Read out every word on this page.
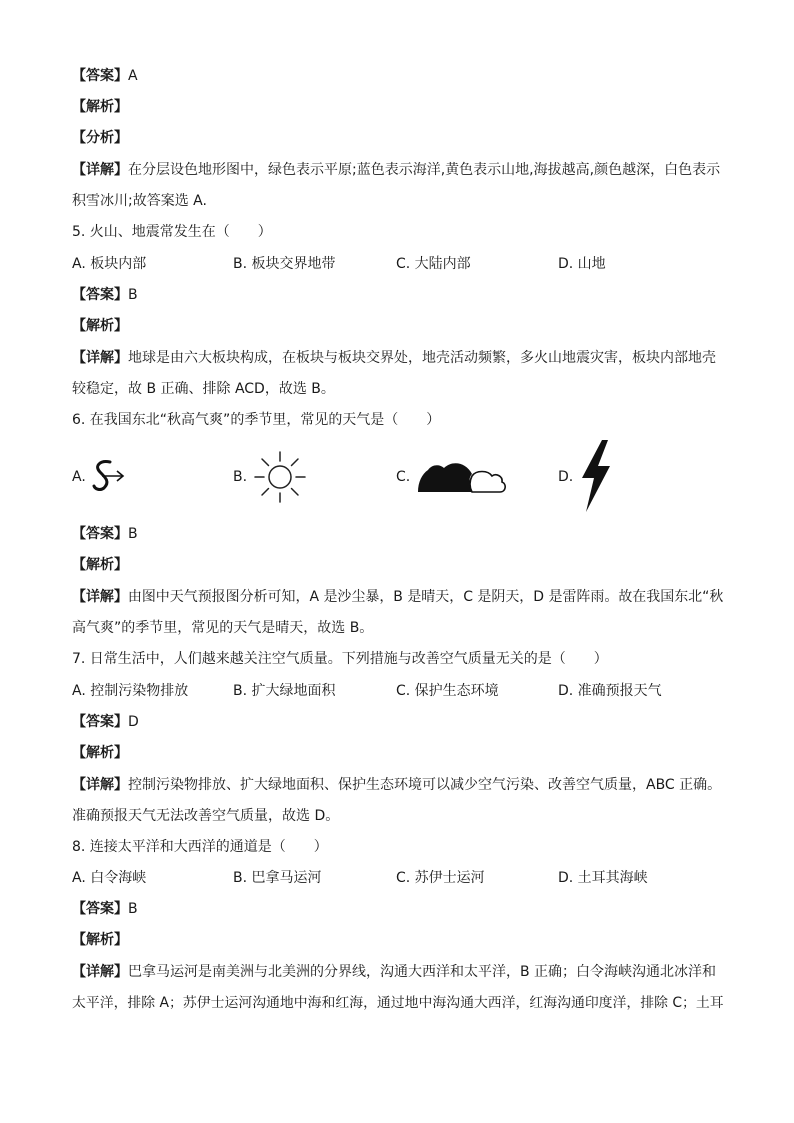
【答案】A
【解析】
【分析】
【详解】在分层设色地形图中，绿色表示平原;蓝色表示海洋,黄色表示山地,海拔越高,颜色越深，白色表示
积雪冰川;故答案选 A.
5. 火山、地震常发生在（　　）
A. 板块内部	B. 板块交界地带	C. 大陆内部	D. 山地
【答案】B
【解析】
【详解】地球是由六大板块构成，在板块与板块交界处，地壳活动频繁，多火山地震灾害，板块内部地壳
较稳定，故 B 正确、排除 ACD，故选 B。
6. 在我国东北“秋高气爽”的季节里，常见的天气是（　　）
A.	B.	C.	D.
【答案】B
【解析】
【详解】由图中天气预报图分析可知，A 是沙尘暴，B 是晴天，C 是阴天，D 是雷阵雨。故在我国东北“秋
高气爽”的季节里，常见的天气是晴天，故选 B。
7. 日常生活中，人们越来越关注空气质量。下列措施与改善空气质量无关的是（　　）
A. 控制污染物排放	B. 扩大绿地面积	C. 保护生态环境	D. 准确预报天气
【答案】D
【解析】
【详解】控制污染物排放、扩大绿地面积、保护生态环境可以减少空气污染、改善空气质量，ABC 正确。
准确预报天气无法改善空气质量，故选 D。
8. 连接太平洋和大西洋的通道是（　　）
A. 白令海峡	B. 巴拿马运河	C. 苏伊士运河	D. 土耳其海峡
【答案】B
【解析】
【详解】巴拿马运河是南美洲与北美洲的分界线，沟通大西洋和太平洋，B 正确；白令海峡沟通北冰洋和
太平洋，排除 A；苏伊士运河沟通地中海和红海，通过地中海沟通大西洋，红海沟通印度洋，排除 C；土耳
